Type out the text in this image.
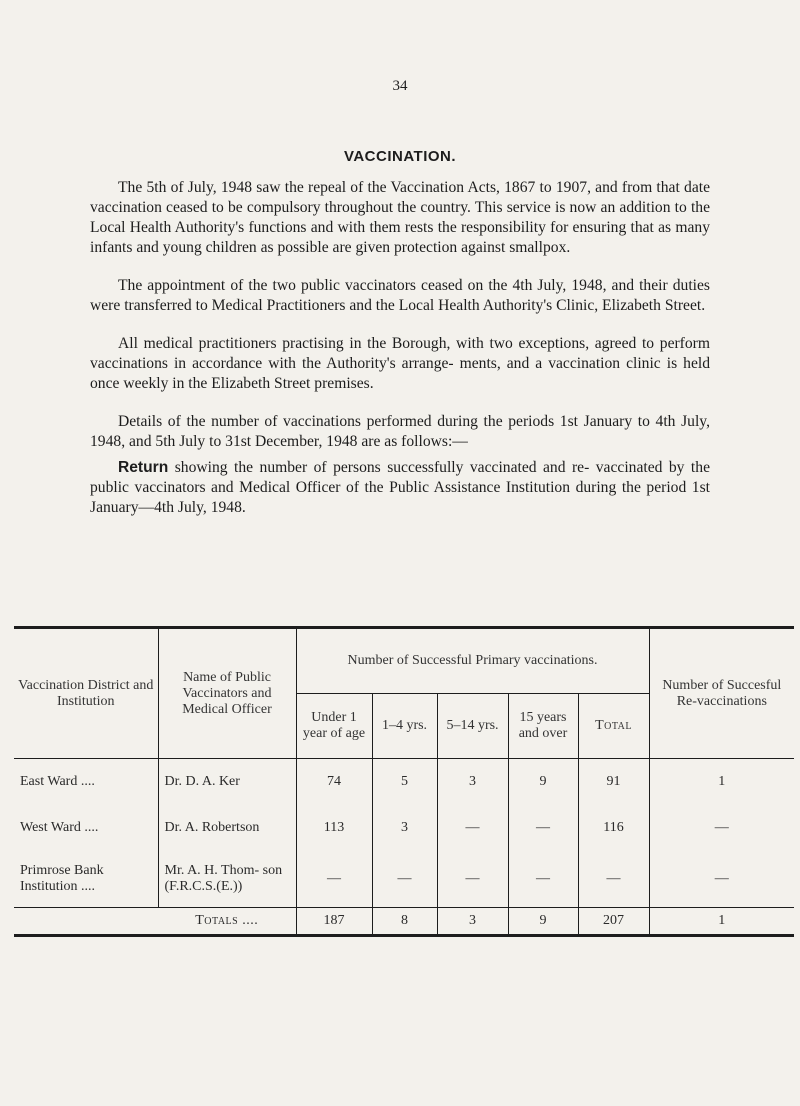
34
VACCINATION.

The 5th of July, 1948 saw the repeal of the Vaccination Acts, 1867 to 1907, and from that date vaccination ceased to be compulsory throughout the country. This service is now an addition to the Local Health Authority's functions and with them rests the responsibility for ensuring that as many infants and young children as possible are given protection against smallpox.

The appointment of the two public vaccinators ceased on the 4th July, 1948, and their duties were transferred to Medical Practitioners and the Local Health Authority's Clinic, Elizabeth Street.

All medical practitioners practising in the Borough, with two exceptions, agreed to perform vaccinations in accordance with the Authority's arrange- ments, and a vaccination clinic is held once weekly in the Elizabeth Street premises.

Details of the number of vaccinations performed during the periods 1st January to 4th July, 1948, and 5th July to 31st December, 1948 are as follows:—

Return showing the number of persons successfully vaccinated and re- vaccinated by the public vaccinators and Medical Officer of the Public Assistance Institution during the period 1st January—4th July, 1948.

Vaccination District and Institution	Name of Public Vaccinators and Medical Officer	Number of Successful Primary vaccinations.					Number of Succesful Re-vaccinations
		Under 1 year of age	1–4 yrs.	5–14 yrs.	15 years and over	Total	
East Ward ....	Dr. D. A. Ker	74	5	3	9	91	1
West Ward ....	Dr. A. Robertson	113	3	—	—	116	—
Primrose Bank Institution ....	Mr. A. H. Thom- son (F.R.C.S.(E.))	—	—	—	—	—	—
	Totals ....	187	8	3	9	207	1
